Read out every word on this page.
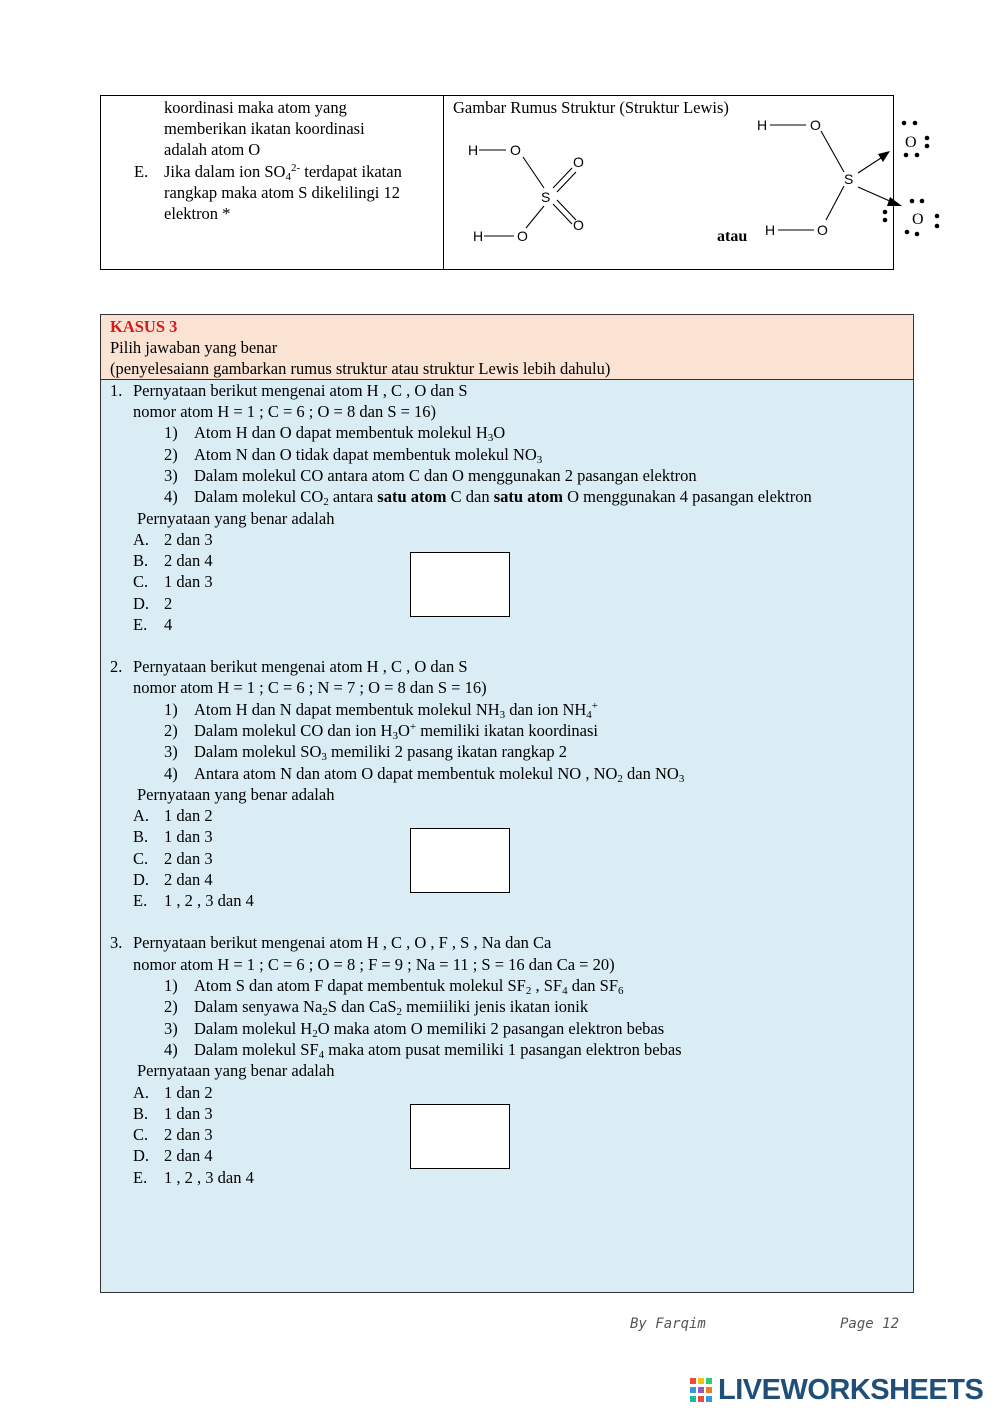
koordinasi maka atom yang
memberikan ikatan koordinasi
adalah atom O
E. Jika dalam ion $SO_4^{2-}$ terdapat ikatan
rangkap maka atom S dikelilingi 12
elektron *
Gambar Rumus Struktur (Struktur Lewis)
H O
O
S
O
H O
H	O
S
H	O
O
O
atau
KASUS 3
Pilih jawaban yang benar
(penyelesaiann gambarkan rumus struktur atau struktur Lewis lebih dahulu)
1. Pernyataan berikut mengenai atom H , C , O dan S
nomor atom H = 1 ; C = 6 ; O = 8 dan S = 16)
1) Atom H dan O dapat membentuk molekul $H_3O$
2) Atom N dan O tidak dapat membentuk molekul $NO_3$
3) Dalam molekul CO antara atom C dan O menggunakan 2 pasangan elektron
4) Dalam molekul $CO_2$ antara satu atom C dan satu atom O menggunakan 4 pasangan elektron
Pernyataan yang benar adalah
A. 2 dan 3
B. 2 dan 4
C. 1 dan 3
D. 2
E. 4
2. Pernyataan berikut mengenai atom H , C , O dan S
nomor atom H = 1 ; C = 6 ; N = 7 ; O = 8 dan S = 16)
1) Atom H dan N dapat membentuk molekul $NH_3$ dan ion $NH_4^+$
2) Dalam molekul CO dan ion $H_3O^+$ memiliki ikatan koordinasi
3) Dalam molekul $SO_3$ memiliki 2 pasang ikatan rangkap 2
4) Antara atom N dan atom O dapat membentuk molekul NO , $NO_2$ dan $NO_3$
Pernyataan yang benar adalah
A. 1 dan 2
B. 1 dan 3
C. 2 dan 3
D. 2 dan 4
E. 1 , 2 , 3 dan 4
3. Pernyataan berikut mengenai atom H , C , O , F , S , Na dan Ca
nomor atom H = 1 ; C = 6 ; O = 8 ; F = 9 ; Na = 11 ; S = 16 dan Ca = 20)
1) Atom S dan atom F dapat membentuk molekul $SF_2$ , $SF_4$ dan $SF_6$
2) Dalam senyawa $Na_2S$ dan CaS$_2$ memiiliki jenis ikatan ionik
3) Dalam molekul $H_2O$ maka atom O memiliki 2 pasangan elektron bebas
4) Dalam molekul $SF_4$ maka atom pusat memiliki 1 pasangan elektron bebas
Pernyataan yang benar adalah
A. 1 dan 2
B. 1 dan 3
C. 2 dan 3
D. 2 dan 4
E. 1 , 2 , 3 dan 4
By Farqim	Page 12
LIVEWORKSHEETS
